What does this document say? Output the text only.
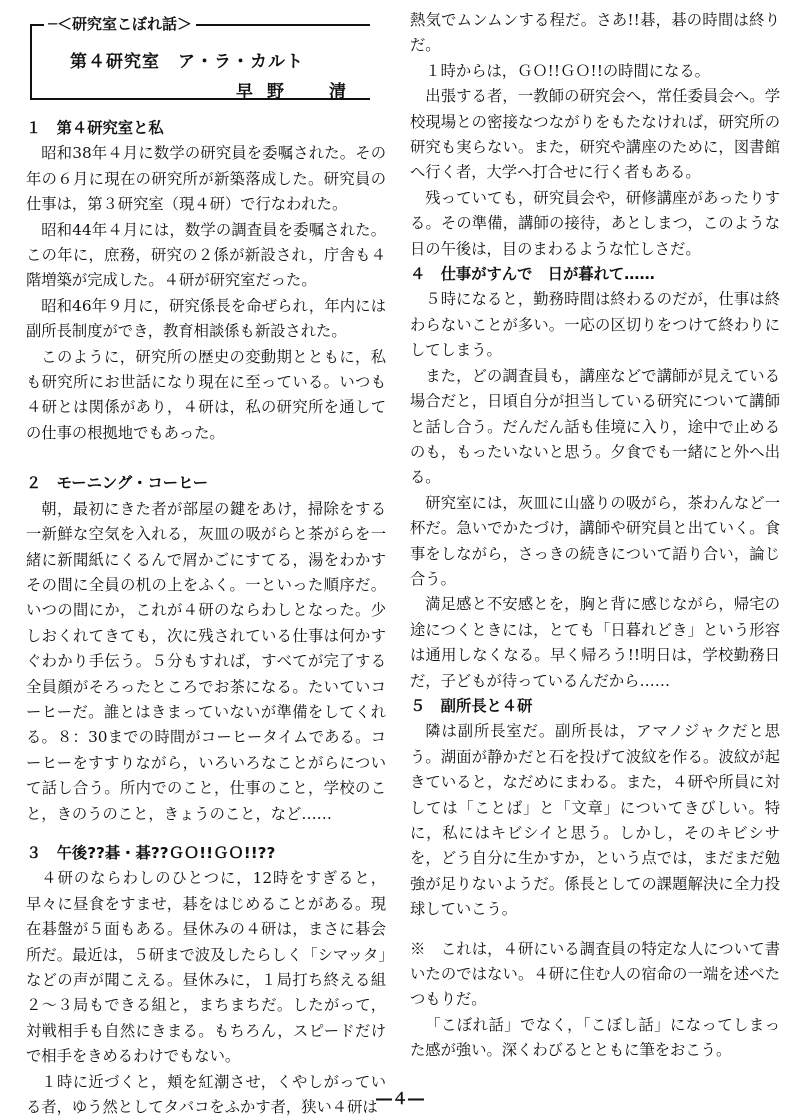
─＜研究室こぼれ話＞
第４研究室　ア・ラ・カルト
早野　清
１　第４研究室と私

昭和38年４月に数学の研究員を委嘱された。その年の６月に現在の研究所が新築落成した。研究員の仕事は，第３研究室（現４研）で行なわれた。

昭和44年４月には，数学の調査員を委嘱された。この年に，庶務，研究の２係が新設され，庁舎も４階増築が完成した。４研が研究室だった。

昭和46年９月に，研究係長を命ぜられ，年内には副所長制度ができ，教育相談係も新設された。

このように，研究所の歴史の変動期とともに，私も研究所にお世話になり現在に至っている。いつも４研とは関係があり，４研は，私の研究所を通しての仕事の根拠地でもあった。

２　モーニング・コーヒー

朝，最初にきた者が部屋の鍵をあけ，掃除をする一新鮮な空気を入れる，灰皿の吸がらと茶がらを一緒に新聞紙にくるんで屑かごにすてる，湯をわかすその間に全員の机の上をふく。一といった順序だ。いつの間にか，これが４研のならわしとなった。少しおくれてきても，次に残されている仕事は何かすぐわかり手伝う。５分もすれば，すべてが完了する全員顔がそろったところでお茶になる。たいていコーヒーだ。誰とはきまっていないが準備をしてくれる。８：30までの時間がコーヒータイムである。コーヒーをすすりながら，いろいろなことがらについて話し合う。所内でのこと，仕事のこと，学校のこと，きのうのこと，きょうのこと，など……

３　午後??碁・碁??ＧＯ!!ＧＯ!!??

４研のならわしのひとつに，12時をすぎると，早々に昼食をすませ，碁をはじめることがある。現在碁盤が５面もある。昼休みの４研は，まさに碁会所だ。最近は，５研まで波及したらしく「シマッタ」などの声が聞こえる。昼休みに，１局打ち終える組２～３局もできる組と，まちまちだ。したがって，対戦相手も自然にきまる。もちろん，スピードだけで相手をきめるわけでもない。

１時に近づくと，頬を紅潮させ，くやしがっている者，ゆう然としてタバコをふかす者，狭い４研は

熱気でムンムンする程だ。さあ!!碁，碁の時間は終りだ。

１時からは，ＧＯ!!ＧＯ!!の時間になる。

出張する者，一教師の研究会へ，常任委員会へ。学校現場との密接なつながりをもたなければ，研究所の研究も実らない。また，研究や講座のために，図書館へ行く者，大学へ打合せに行く者もある。

残っていても，研究員会や，研修講座があったりする。その準備，講師の接待，あとしまつ，このような日の午後は，目のまわるような忙しさだ。

４　仕事がすんで　日が暮れて……

５時になると，勤務時間は終わるのだが，仕事は終わらないことが多い。一応の区切りをつけて終わりにしてしまう。

また，どの調査員も，講座などで講師が見えている場合だと，日頃自分が担当している研究について講師と話し合う。だんだん話も佳境に入り，途中で止めるのも，もったいないと思う。夕食でも一緒にと外へ出る。

研究室には，灰皿に山盛りの吸がら，茶わんなど一杯だ。急いでかたづけ，講師や研究員と出ていく。食事をしながら，さっきの続きについて語り合い，論じ合う。

満足感と不安感とを，胸と背に感じながら，帰宅の途につくときには，とても「日暮れどき」という形容は通用しなくなる。早く帰ろう!!明日は，学校勤務日だ，子どもが待っているんだから……

５　副所長と４研

隣は副所長室だ。副所長は，アマノジャクだと思う。湖面が静かだと石を投げて波紋を作る。波紋が起きていると，なだめにまわる。また，４研や所員に対しては「ことば」と「文章」についてきびしい。特に，私にはキビシイと思う。しかし，そのキビシサを，どう自分に生かすか，という点では，まだまだ勉強が足りないようだ。係長としての課題解決に全力投球していこう。

※　これは，４研にいる調査員の特定な人について書いたのではない。４研に住む人の宿命の一端を述べたつもりだ。

「こぼれ話」でなく，「こぼし話」になってしまった感が強い。深くわびるとともに筆をおこう。

―４―
